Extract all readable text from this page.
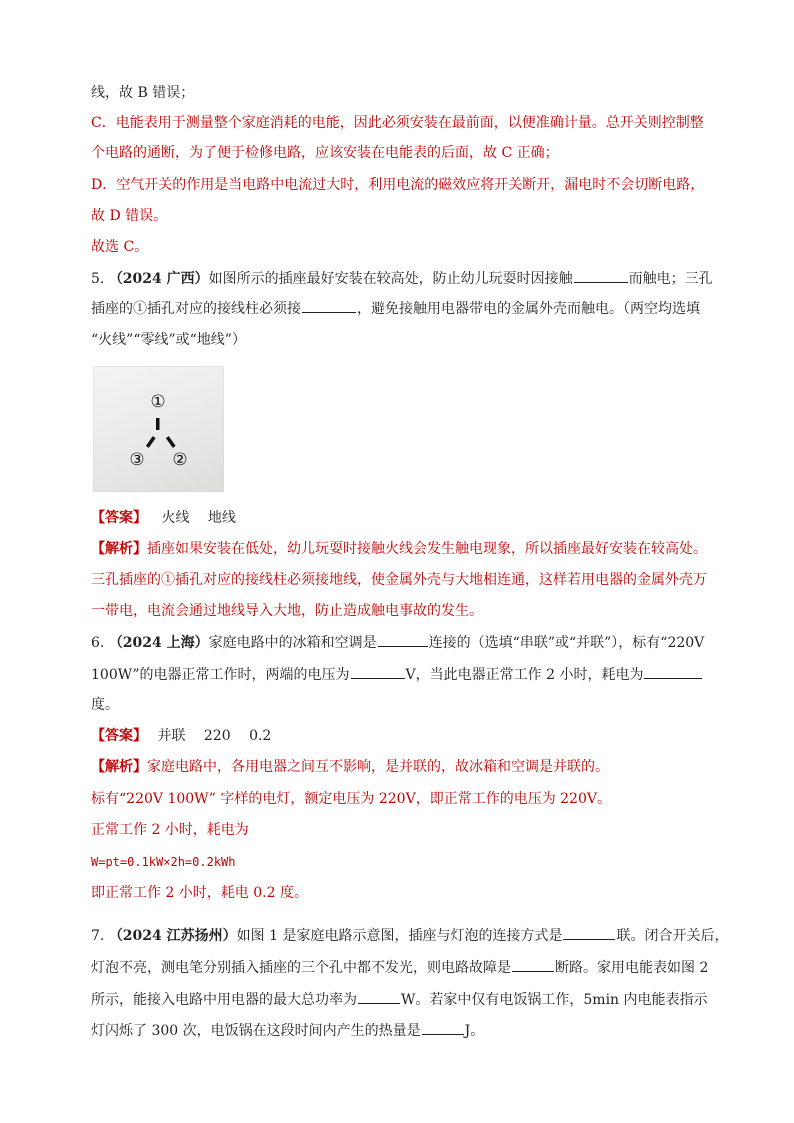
线，故 B 错误；
C．电能表用于测量整个家庭消耗的电能，因此必须安装在最前面，以便准确计量。总开关则控制整
个电路的通断，为了便于检修电路，应该安装在电能表的后面，故 C 正确；
D．空气开关的作用是当电路中电流过大时，利用电流的磁效应将开关断开，漏电时不会切断电路，
故 D 错误。
故选 C。
5. （2024 广西）如图所示的插座最好安装在较高处，防止幼儿玩耍时因接触	而触电；三孔
插座的①插孔对应的接线柱必须接	，避免接触用电器带电的金属外壳而触电。（两空均选填
“火线”“零线”或“地线”）
①
②
③
【答案】 火线　 地线
【解析】插座如果安装在低处，幼儿玩耍时接触火线会发生触电现象，所以插座最好安装在较高处。
三孔插座的①插孔对应的接线柱必须接地线，使金属外壳与大地相连通，这样若用电器的金属外壳万
一带电，电流会通过地线导入大地，防止造成触电事故的发生。
6. （2024 上海）家庭电路中的冰箱和空调是	连接的（选填“串联”或“并联”），标有“220V
100W”的电器正常工作时，两端的电压为	V，当此电器正常工作 2 小时，耗电为
度。
【答案】 并联　 220　 0.2
【解析】家庭电路中，各用电器之间互不影响，是并联的，故冰箱和空调是并联的。
标有“220V 100W” 字样的电灯，额定电压为 220V，即正常工作的电压为 220V。
正常工作 2 小时，耗电为
W=pt=0.1kW×2h=0.2kWh
即正常工作 2 小时，耗电 0.2 度。
7. （2024 江苏扬州）如图 1 是家庭电路示意图，插座与灯泡的连接方式是	联。闭合开关后，
灯泡不亮，测电笔分别插入插座的三个孔中都不发光，则电路故障是	断路。家用电能表如图 2
所示，能接入电路中用电器的最大总功率为	W。若家中仅有电饭锅工作，5min 内电能表指示
灯闪烁了 300 次，电饭锅在这段时间内产生的热量是	J。
